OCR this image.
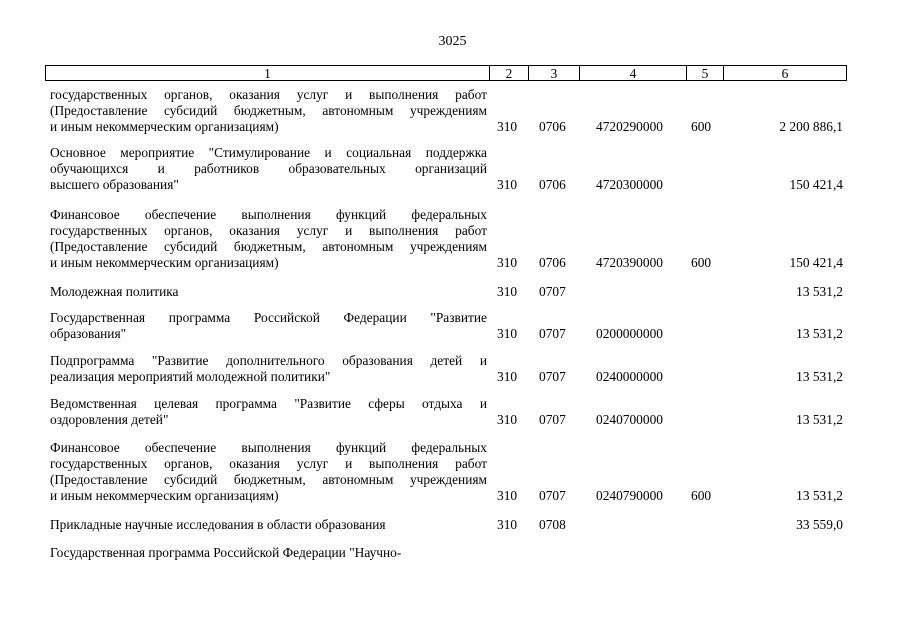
3025
1	2	3	4	5	6
государственных органов, оказания услуг и выполнения работ
(Предоставление субсидий бюджетным, автономным учреждениям
и иным некоммерческим организациям)	310 0706 4720290000 600	2 200 886,1
Основное мероприятие "Стимулирование и социальная поддержка
обучающихся и работников образовательных организаций
высшего образования"	310 0706 4720300000	150 421,4
Финансовое обеспечение выполнения функций федеральных
государственных органов, оказания услуг и выполнения работ
(Предоставление субсидий бюджетным, автономным учреждениям
и иным некоммерческим организациям)	310 0706 4720390000 600	150 421,4
Молодежная политика	310 0707	13 531,2
Государственная программа Российской Федерации "Развитие
образования"	310 0707 0200000000	13 531,2
Подпрограмма "Развитие дополнительного образования детей и
реализация мероприятий молодежной политики"	310 0707 0240000000	13 531,2
Ведомственная целевая программа "Развитие сферы отдыха и
оздоровления детей"	310 0707 0240700000	13 531,2
Финансовое обеспечение выполнения функций федеральных
государственных органов, оказания услуг и выполнения работ
(Предоставление субсидий бюджетным, автономным учреждениям
и иным некоммерческим организациям)	310 0707 0240790000 600	13 531,2
Прикладные научные исследования в области образования	310 0708	33 559,0
Государственная программа Российской Федерации "Научно-
